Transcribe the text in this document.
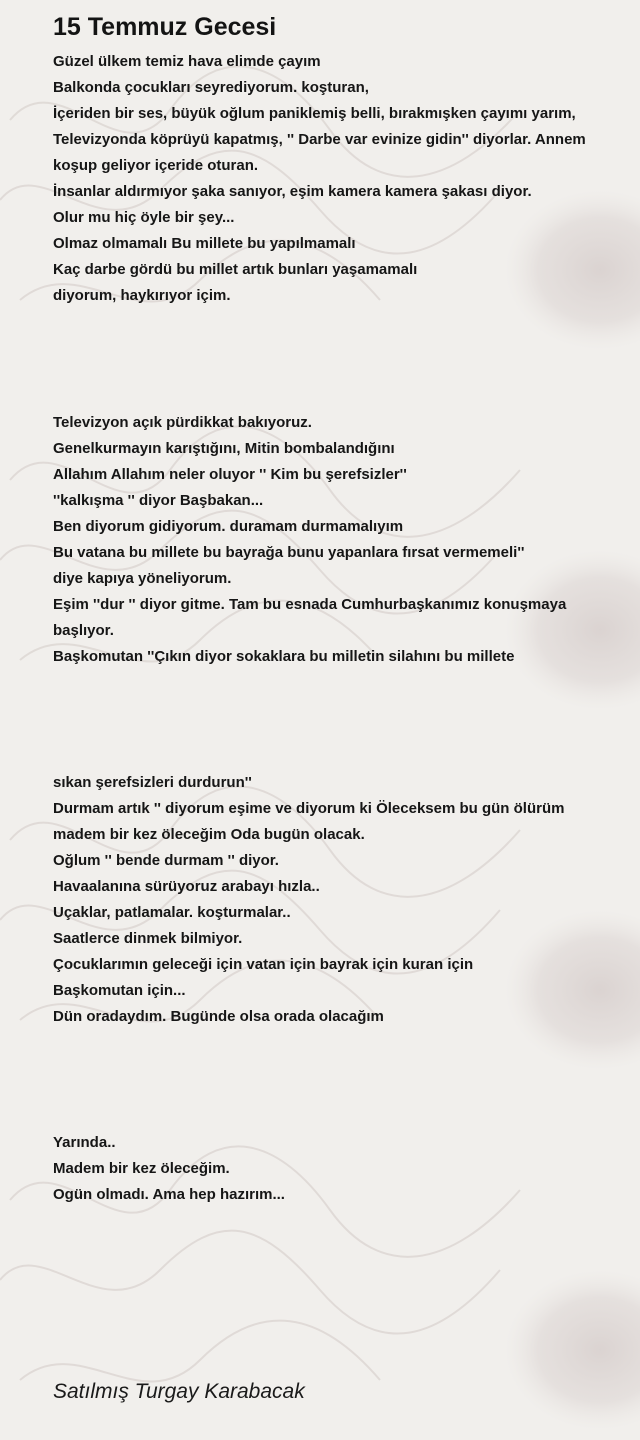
15 Temmuz Gecesi
Güzel ülkem temiz hava elimde çayım
Balkonda çocukları seyrediyorum. koşturan,
İçeriden bir ses, büyük oğlum paniklemiş belli, bırakmışken çayımı yarım,
Televizyonda köprüyü kapatmış, '' Darbe var evinize gidin'' diyorlar. Annem
koşup geliyor içeride oturan.
İnsanlar aldırmıyor şaka sanıyor, eşim kamera kamera şakası diyor.
Olur mu hiç öyle bir şey...
Olmaz olmamalı Bu millete bu yapılmamalı
Kaç darbe gördü bu millet artık bunları yaşamamalı
diyorum, haykırıyor içim.
Televizyon açık pürdikkat bakıyoruz.
Genelkurmayın karıştığını, Mitin bombalandığını
Allahım Allahım neler oluyor '' Kim bu şerefsizler''
''kalkışma '' diyor Başbakan...
Ben diyorum gidiyorum. duramam durmamalıyım
Bu vatana bu millete bu bayrağa bunu yapanlara fırsat vermemeli''
diye kapıya yöneliyorum.
Eşim ''dur '' diyor gitme. Tam bu esnada Cumhurbaşkanımız konuşmaya
başlıyor.
Başkomutan ''Çıkın diyor sokaklara bu milletin silahını bu millete
sıkan şerefsizleri durdurun''
Durmam artık '' diyorum eşime ve diyorum ki Öleceksem bu gün ölürüm
madem bir kez öleceğim Oda bugün olacak.
Oğlum '' bende durmam '' diyor.
Havaalanına sürüyoruz arabayı hızla..
Uçaklar, patlamalar. koşturmalar..
Saatlerce dinmek bilmiyor.
Çocuklarımın geleceği için vatan için bayrak için kuran için
Başkomutan için...
Dün oradaydım. Bugünde olsa orada olacağım
Yarında..
Madem bir kez öleceğim.
Ogün olmadı. Ama hep hazırım...

Satılmış Turgay Karabacak
